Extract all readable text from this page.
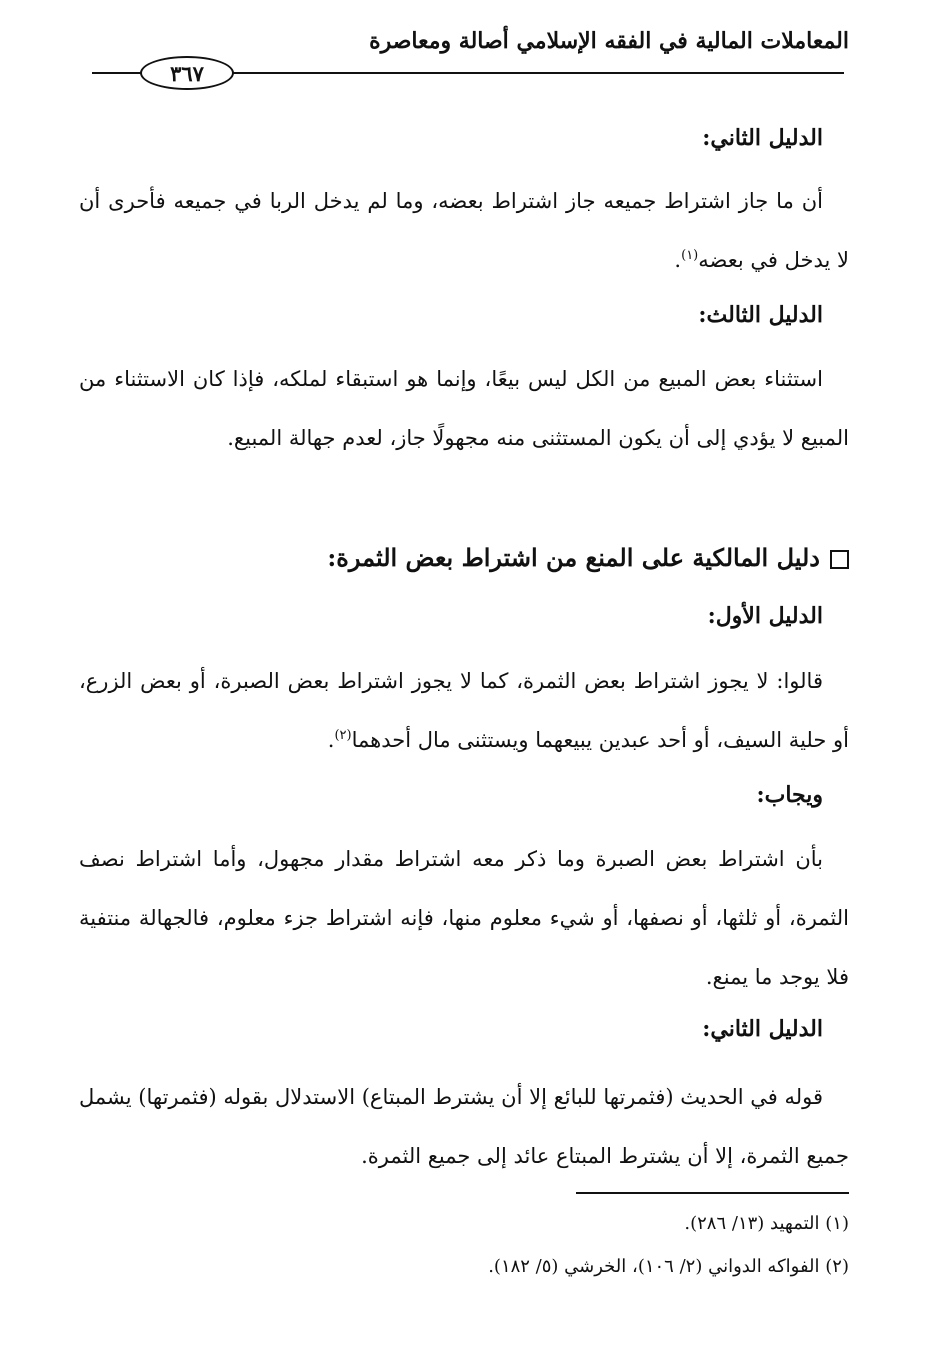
المعاملات المالية في الفقه الإسلامي أصالة ومعاصرة
٣٦٧
الدليل الثاني:
أن ما جاز اشتراط جميعه جاز اشتراط بعضه، وما لم يدخل الربا في جميعه فأحرى أن لا يدخل في بعضه$^{(١)}$.
الدليل الثالث:
استثناء بعض المبيع من الكل ليس بيعًا، وإنما هو استبقاء لملكه، فإذا كان الاستثناء من المبيع لا يؤدي إلى أن يكون المستثنى منه مجهولًا جاز، لعدم جهالة المبيع.
دليل المالكية على المنع من اشتراط بعض الثمرة:
الدليل الأول:
قالوا: لا يجوز اشتراط بعض الثمرة، كما لا يجوز اشتراط بعض الصبرة، أو بعض الزرع، أو حلية السيف، أو أحد عبدين يبيعهما ويستثنى مال أحدهما$^{(٢)}$.
ويجاب:
بأن اشتراط بعض الصبرة وما ذكر معه اشتراط مقدار مجهول، وأما اشتراط نصف الثمرة، أو ثلثها، أو نصفها، أو شيء معلوم منها، فإنه اشتراط جزء معلوم، فالجهالة منتفية فلا يوجد ما يمنع.
الدليل الثاني:
قوله في الحديث (فثمرتها للبائع إلا أن يشترط المبتاع) الاستدلال بقوله (فثمرتها) يشمل جميع الثمرة، إلا أن يشترط المبتاع عائد إلى جميع الثمرة.
(١) التمهيد (١٣/ ٢٨٦).
(٢) الفواكه الدواني (٢/ ١٠٦)، الخرشي (٥/ ١٨٢).
